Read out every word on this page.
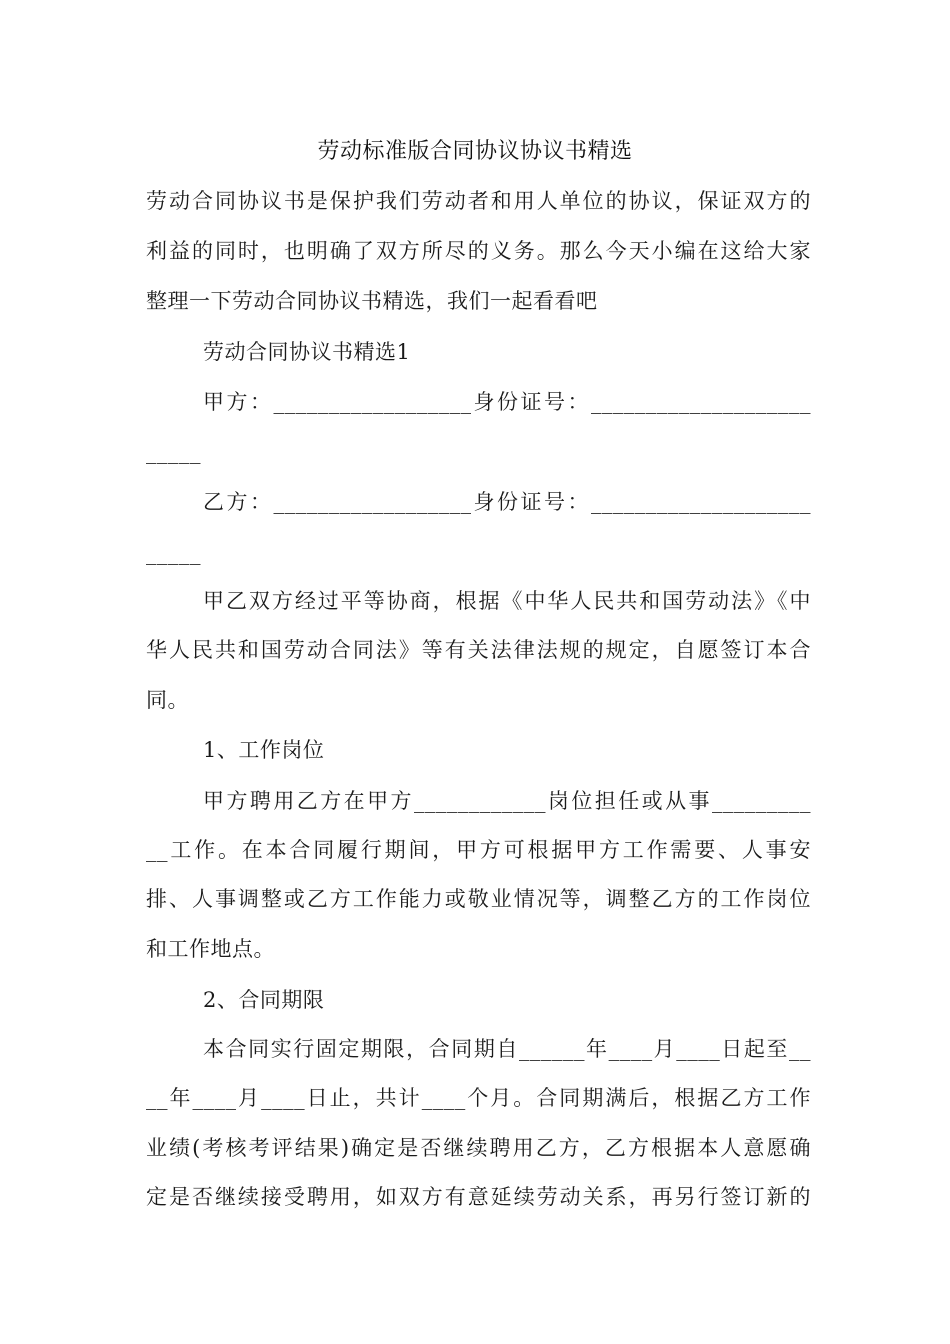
劳动标准版合同协议协议书精选
劳动合同协议书是保护我们劳动者和用人单位的协议，保证双方的
利益的同时，也明确了双方所尽的义务。那么今天小编在这给大家
整理一下劳动合同协议书精选，我们一起看看吧
劳动合同协议书精选1
甲方：__________________身份证号：____________________
_____
乙方：__________________身份证号：____________________
_____
甲乙双方经过平等协商，根据《中华人民共和国劳动法》《中
华人民共和国劳动合同法》等有关法律法规的规定，自愿签订本合
同。
1、工作岗位
甲方聘用乙方在甲方____________岗位担任或从事_________
__工作。在本合同履行期间，甲方可根据甲方工作需要、人事安
排、人事调整或乙方工作能力或敬业情况等，调整乙方的工作岗位
和工作地点。
2、合同期限
本合同实行固定期限，合同期自______年____月____日起至__
__年____月____日止，共计____个月。合同期满后，根据乙方工作
业绩(考核考评结果)确定是否继续聘用乙方，乙方根据本人意愿确
定是否继续接受聘用，如双方有意延续劳动关系，再另行签订新的
